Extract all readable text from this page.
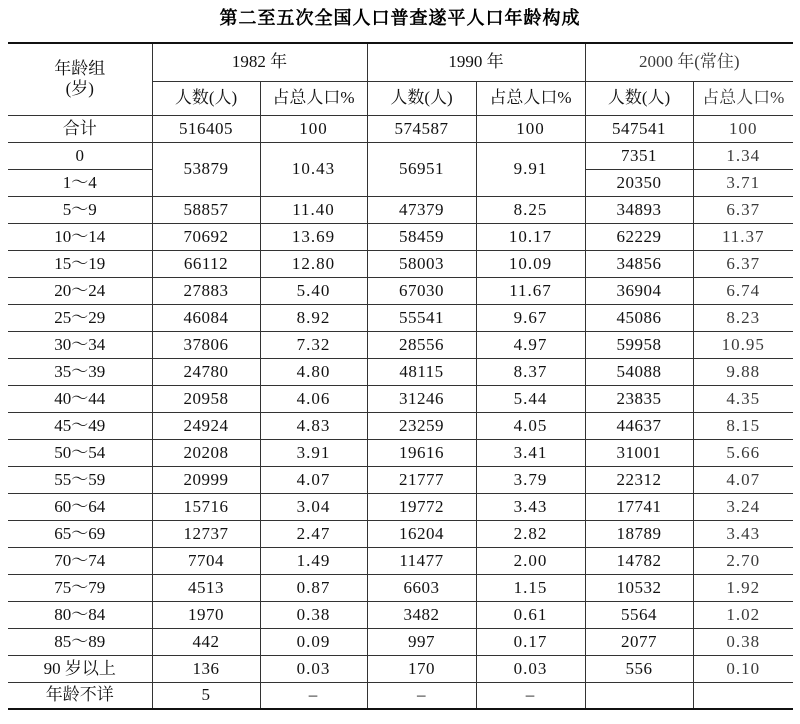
第二至五次全国人口普查遂平人口年龄构成
年龄组
(岁)	1982 年		1990 年		2000 年(常住)	
	人数(人)	占总人口%	人数(人)	占总人口%	人数(人)	占总人口%
合计	516405	100	574587	100	547541	100
0	53879	10.43	56951	9.91	7351	1.34
1～4					20350	3.71
5～9	58857	11.40	47379	8.25	34893	6.37
10～14	70692	13.69	58459	10.17	62229	11.37
15～19	66112	12.80	58003	10.09	34856	6.37
20～24	27883	5.40	67030	11.67	36904	6.74
25～29	46084	8.92	55541	9.67	45086	8.23
30～34	37806	7.32	28556	4.97	59958	10.95
35～39	24780	4.80	48115	8.37	54088	9.88
40～44	20958	4.06	31246	5.44	23835	4.35
45～49	24924	4.83	23259	4.05	44637	8.15
50～54	20208	3.91	19616	3.41	31001	5.66
55～59	20999	4.07	21777	3.79	22312	4.07
60～64	15716	3.04	19772	3.43	17741	3.24
65～69	12737	2.47	16204	2.82	18789	3.43
70～74	7704	1.49	11477	2.00	14782	2.70
75～79	4513	0.87	6603	1.15	10532	1.92
80～84	1970	0.38	3482	0.61	5564	1.02
85～89	442	0.09	997	0.17	2077	0.38
90 岁以上	136	0.03	170	0.03	556	0.10
年龄不详	5	–	–	–		
